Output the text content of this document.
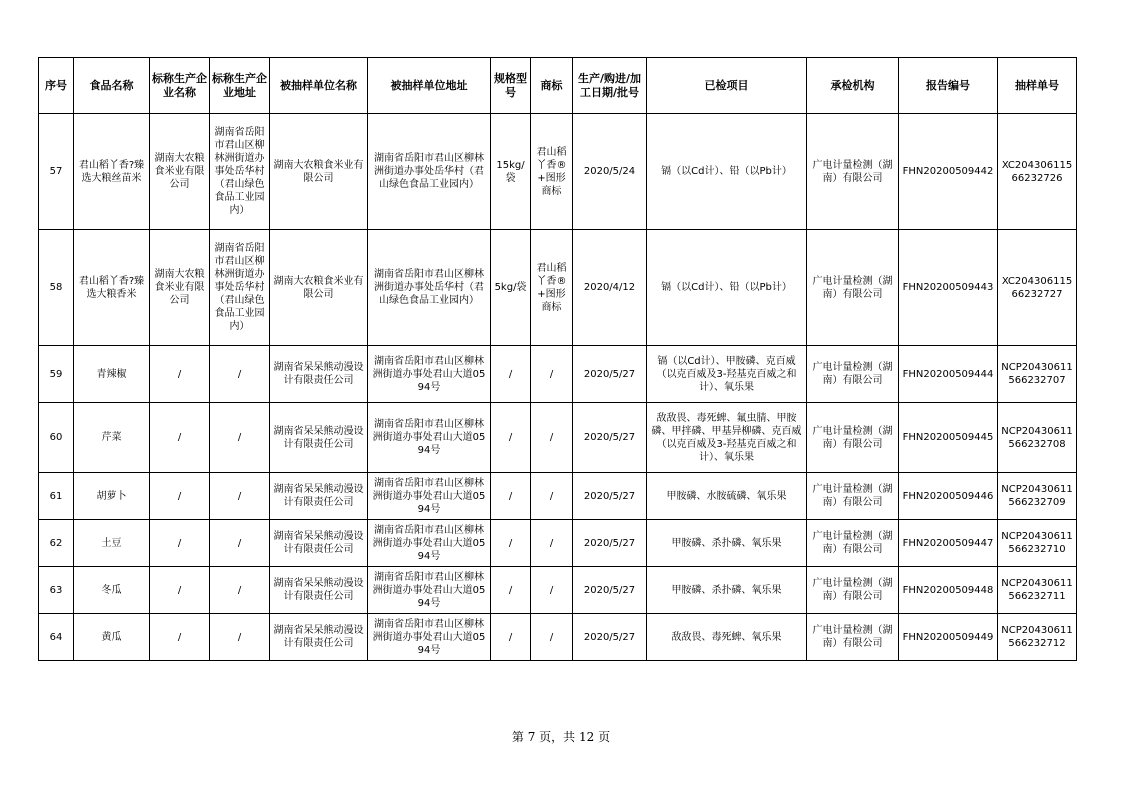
序号	食品名称	标称生产企业名称	标称生产企业地址	被抽样单位名称	被抽样单位地址	规格型号	商标	生产/购进/加工日期/批号	已检项目	承检机构	报告编号	抽样单号
57	君山稻丫香?臻选大粮丝苗米	湖南大农粮食米业有限公司	湖南省岳阳市君山区柳林洲街道办事处岳华村（君山绿色食品工业园内）	湖南大农粮食米业有限公司	湖南省岳阳市君山区柳林洲街道办事处岳华村（君山绿色食品工业园内）	15kg/袋	君山稻丫香®+图形商标	2020/5/24	镉（以Cd计）、铅（以Pb计）	广电计量检测（湖南）有限公司	FHN20200509442	XC20430611566232726
58	君山稻丫香?臻选大粮香米	湖南大农粮食米业有限公司	湖南省岳阳市君山区柳林洲街道办事处岳华村（君山绿色食品工业园内）	湖南大农粮食米业有限公司	湖南省岳阳市君山区柳林洲街道办事处岳华村（君山绿色食品工业园内）	5kg/袋	君山稻丫香®+图形商标	2020/4/12	镉（以Cd计）、铅（以Pb计）	广电计量检测（湖南）有限公司	FHN20200509443	XC20430611566232727
59	青辣椒	/	/	湖南省呆呆熊动漫设计有限责任公司	湖南省岳阳市君山区柳林洲街道办事处君山大道0594号	/	/	2020/5/27	镉（以Cd计）、甲胺磷、克百威（以克百威及3-羟基克百威之和计）、氧乐果	广电计量检测（湖南）有限公司	FHN20200509444	NCP20430611566232707
60	芹菜	/	/	湖南省呆呆熊动漫设计有限责任公司	湖南省岳阳市君山区柳林洲街道办事处君山大道0594号	/	/	2020/5/27	敌敌畏、毒死蜱、氟虫腈、甲胺磷、甲拌磷、甲基异柳磷、克百威（以克百威及3-羟基克百威之和计）、氧乐果	广电计量检测（湖南）有限公司	FHN20200509445	NCP20430611566232708
61	胡萝卜	/	/	湖南省呆呆熊动漫设计有限责任公司	湖南省岳阳市君山区柳林洲街道办事处君山大道0594号	/	/	2020/5/27	甲胺磷、水胺硫磷、氧乐果	广电计量检测（湖南）有限公司	FHN20200509446	NCP20430611566232709
62	土豆	/	/	湖南省呆呆熊动漫设计有限责任公司	湖南省岳阳市君山区柳林洲街道办事处君山大道0594号	/	/	2020/5/27	甲胺磷、杀扑磷、氧乐果	广电计量检测（湖南）有限公司	FHN20200509447	NCP20430611566232710
63	冬瓜	/	/	湖南省呆呆熊动漫设计有限责任公司	湖南省岳阳市君山区柳林洲街道办事处君山大道0594号	/	/	2020/5/27	甲胺磷、杀扑磷、氧乐果	广电计量检测（湖南）有限公司	FHN20200509448	NCP20430611566232711
64	黄瓜	/	/	湖南省呆呆熊动漫设计有限责任公司	湖南省岳阳市君山区柳林洲街道办事处君山大道0594号	/	/	2020/5/27	敌敌畏、毒死蜱、氧乐果	广电计量检测（湖南）有限公司	FHN20200509449	NCP20430611566232712
第 7 页，共 12 页
